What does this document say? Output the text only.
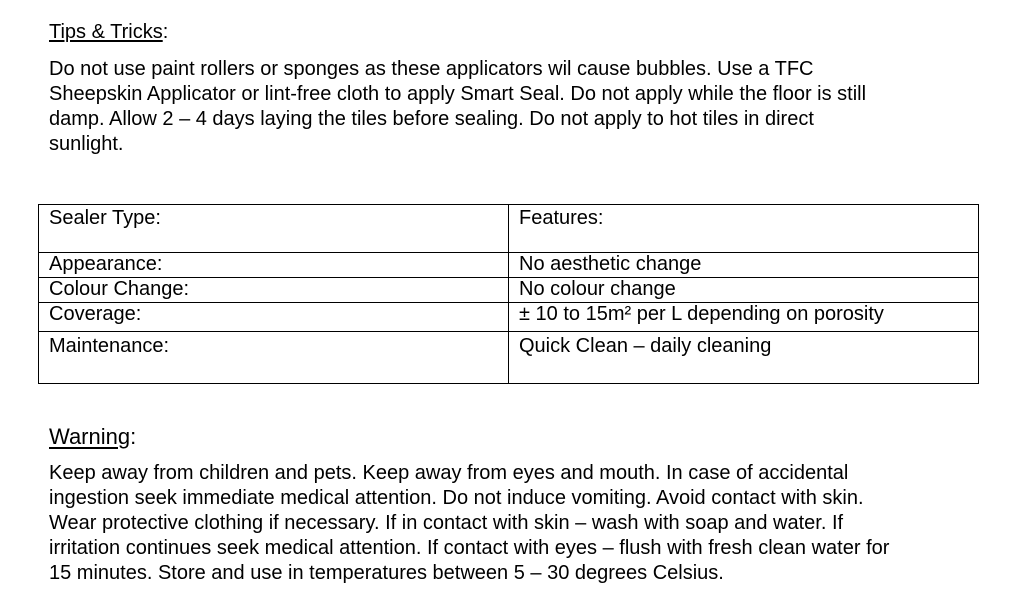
Tips & Tricks:

Do not use paint rollers or sponges as these applicators wil cause bubbles. Use a TFC
Sheepskin Applicator or lint-free cloth to apply Smart Seal. Do not apply while the floor is still
damp. Allow 2 – 4 days laying the tiles before sealing. Do not apply to hot tiles in direct
sunlight.

Sealer Type:	Features:
Appearance:	No aesthetic change
Colour Change:	No colour change
Coverage:	± 10 to 15m² per L depending on porosity
Maintenance:	Quick Clean – daily cleaning
Warning:

Keep away from children and pets. Keep away from eyes and mouth. In case of accidental
ingestion seek immediate medical attention. Do not induce vomiting. Avoid contact with skin.
Wear protective clothing if necessary. If in contact with skin – wash with soap and water. If
irritation continues seek medical attention. If contact with eyes – flush with fresh clean water for
15 minutes. Store and use in temperatures between 5 – 30 degrees Celsius.
